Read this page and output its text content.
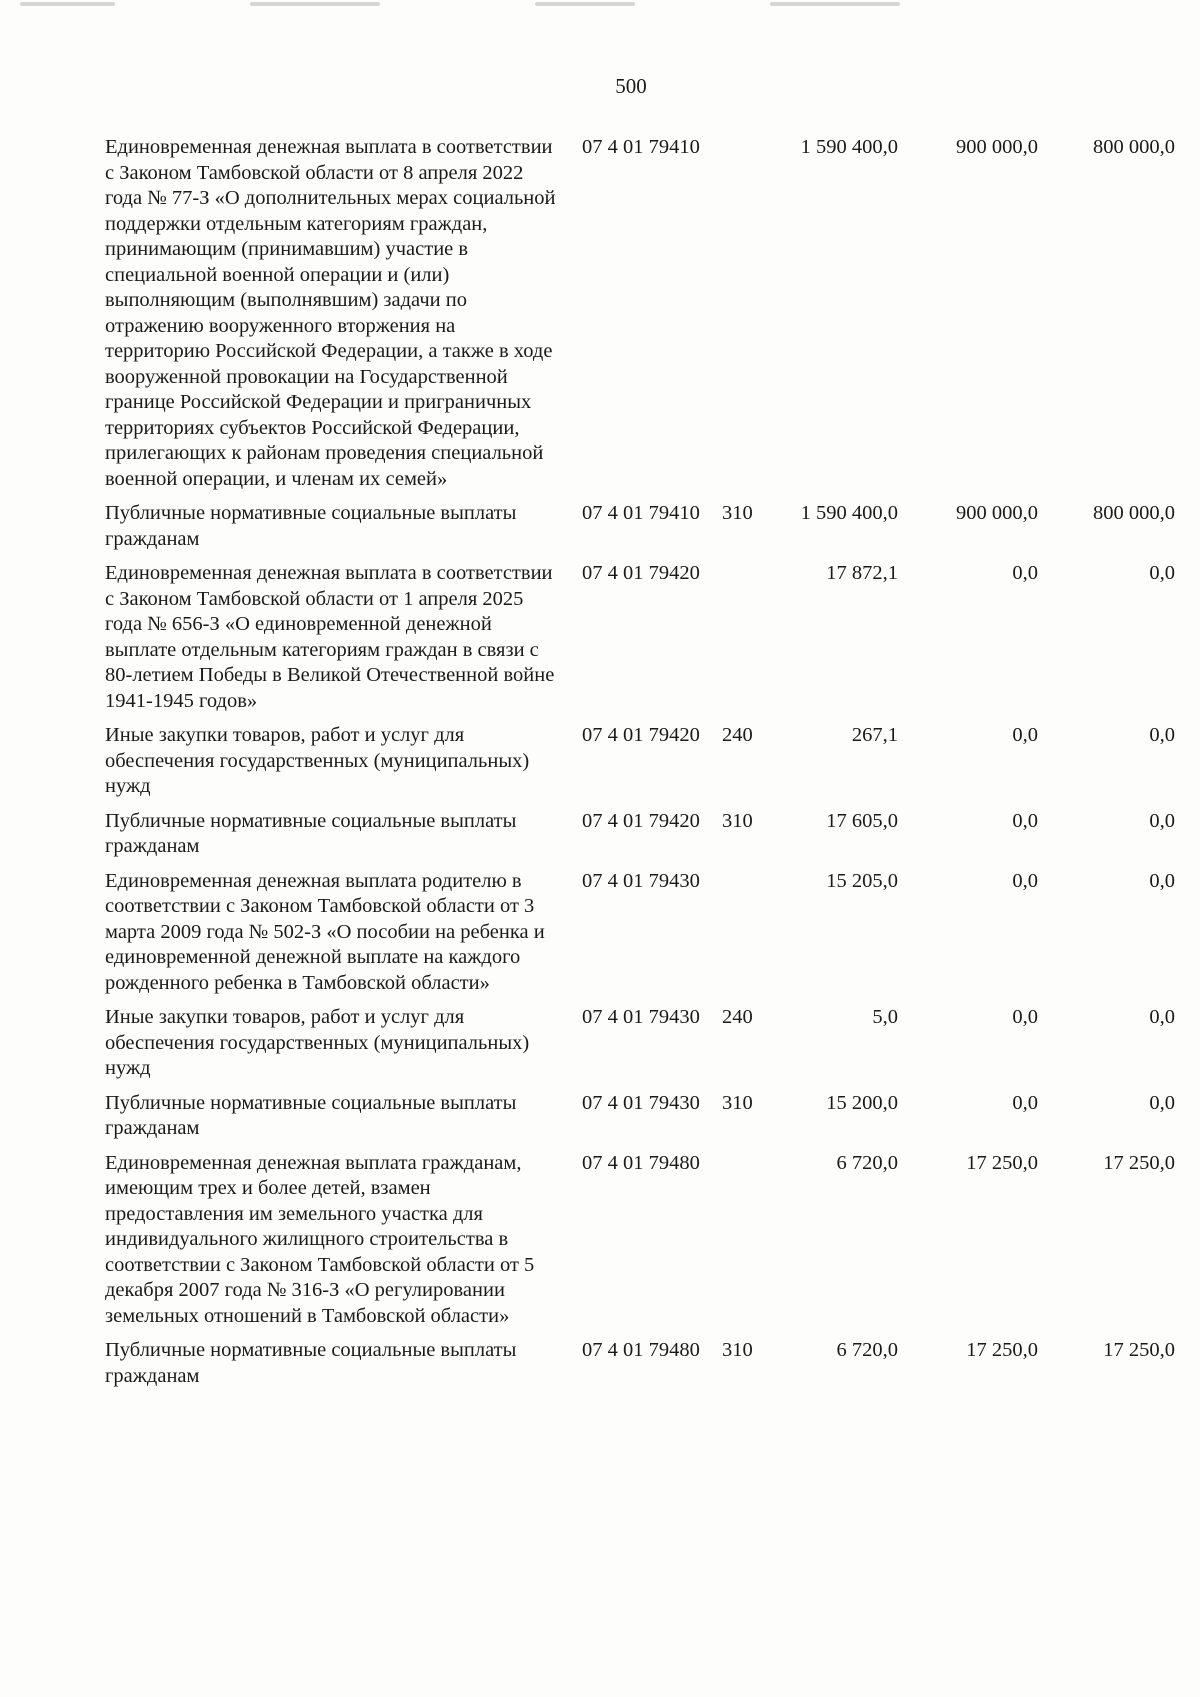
500
Единовременная денежная выплата в соответствии с Законом Тамбовской области от 8 апреля 2022 года № 77-З «О дополнительных мерах социальной поддержки отдельным категориям граждан, принимающим (принимавшим) участие в специальной военной операции и (или) выполняющим (выполнявшим) задачи по отражению вооруженного вторжения на территорию Российской Федерации, а также в ходе вооруженной провокации на Государственной границе Российской Федерации и приграничных территориях субъектов Российской Федерации, прилегающих к районам проведения специальной военной операции, и членам их семей»	07 4 01 79410		1 590 400,0	900 000,0	800 000,0
Публичные нормативные социальные выплаты гражданам	07 4 01 79410	310	1 590 400,0	900 000,0	800 000,0
Единовременная денежная выплата в соответствии с Законом Тамбовской области от 1 апреля 2025 года № 656-З «О единовременной денежной выплате отдельным категориям граждан в связи с 80-летием Победы в Великой Отечественной войне 1941-1945 годов»	07 4 01 79420		17 872,1	0,0	0,0
Иные закупки товаров, работ и услуг для обеспечения государственных (муниципальных) нужд	07 4 01 79420	240	267,1	0,0	0,0
Публичные нормативные социальные выплаты гражданам	07 4 01 79420	310	17 605,0	0,0	0,0
Единовременная денежная выплата родителю в соответствии с Законом Тамбовской области от 3 марта 2009 года № 502-З «О пособии на ребенка и единовременной денежной выплате на каждого рожденного ребенка в Тамбовской области»	07 4 01 79430		15 205,0	0,0	0,0
Иные закупки товаров, работ и услуг для обеспечения государственных (муниципальных) нужд	07 4 01 79430	240	5,0	0,0	0,0
Публичные нормативные социальные выплаты гражданам	07 4 01 79430	310	15 200,0	0,0	0,0
Единовременная денежная выплата гражданам, имеющим трех и более детей, взамен предоставления им земельного участка для индивидуального жилищного строительства в соответствии с Законом Тамбовской области от 5 декабря 2007 года № 316-З «О регулировании земельных отношений в Тамбовской области»	07 4 01 79480		6 720,0	17 250,0	17 250,0
Публичные нормативные социальные выплаты гражданам	07 4 01 79480	310	6 720,0	17 250,0	17 250,0
